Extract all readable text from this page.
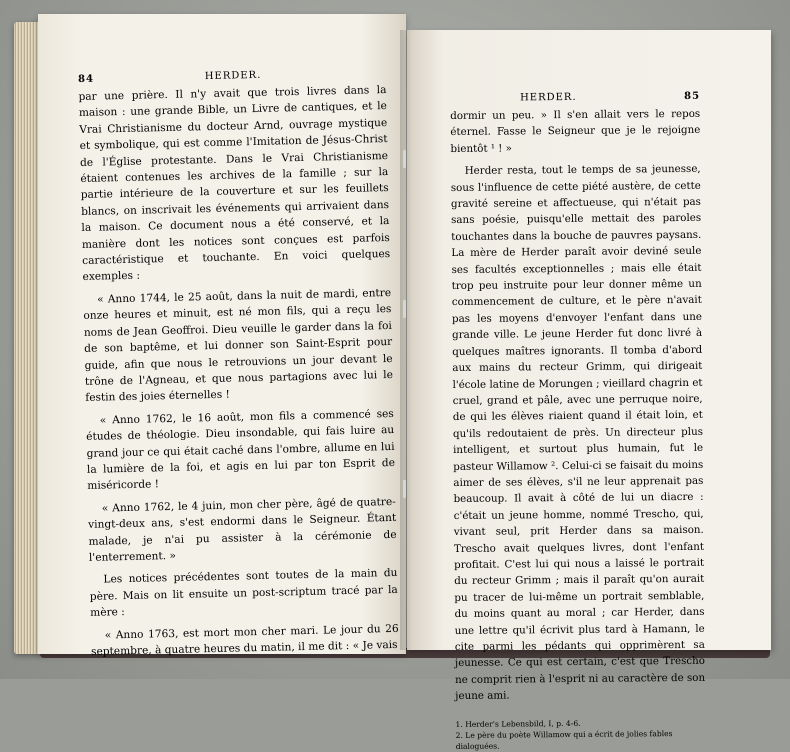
84	HERDER.

par une prière. Il n'y avait que trois livres dans la maison : une grande Bible, un Livre de cantiques, et le Vrai Christianisme du docteur Arnd, ouvrage mystique et symbolique, qui est comme l'Imitation de Jésus-Christ de l'Église protestante. Dans le Vrai Christianisme étaient contenues les archives de la famille ; sur la partie intérieure de la couverture et sur les feuillets blancs, on inscrivait les événements qui arrivaient dans la maison. Ce document nous a été conservé, et la manière dont les notices sont conçues est parfois caractéristique et touchante. En voici quelques exemples :

« Anno 1744, le 25 août, dans la nuit de mardi, entre onze heures et minuit, est né mon fils, qui a reçu les noms de Jean Geoffroi. Dieu veuille le garder dans la foi de son baptême, et lui donner son Saint-Esprit pour guide, afin que nous le retrouvions un jour devant le trône de l'Agneau, et que nous partagions avec lui le festin des joies éternelles !

« Anno 1762, le 16 août, mon fils a commencé ses études de théologie. Dieu insondable, qui fais luire au grand jour ce qui était caché dans l'ombre, allume en lui la lumière de la foi, et agis en lui par ton Esprit de miséricorde !

« Anno 1762, le 4 juin, mon cher père, âgé de quatre-vingt-deux ans, s'est endormi dans le Seigneur. Étant malade, je n'ai pu assister à la cérémonie de l'enterrement. »

Les notices précédentes sont toutes de la main du père. Mais on lit ensuite un post-scriptum tracé par la mère :

« Anno 1763, est mort mon cher mari. Le jour du 26 septembre, à quatre heures du matin, il me dit : « Je vais

HERDER.	85

dormir un peu. » Il s'en allait vers le repos éternel. Fasse le Seigneur que je le rejoigne bientôt ¹ ! »

Herder resta, tout le temps de sa jeunesse, sous l'influence de cette piété austère, de cette gravité sereine et affectueuse, qui n'était pas sans poésie, puisqu'elle mettait des paroles touchantes dans la bouche de pauvres paysans. La mère de Herder paraît avoir deviné seule ses facultés exceptionnelles ; mais elle était trop peu instruite pour leur donner même un commencement de culture, et le père n'avait pas les moyens d'envoyer l'enfant dans une grande ville. Le jeune Herder fut donc livré à quelques maîtres ignorants. Il tomba d'abord aux mains du recteur Grimm, qui dirigeait l'école latine de Morungen ; vieillard chagrin et cruel, grand et pâle, avec une perruque noire, de qui les élèves riaient quand il était loin, et qu'ils redoutaient de près. Un directeur plus intelligent, et surtout plus humain, fut le pasteur Willamow ². Celui-ci se faisait du moins aimer de ses élèves, s'il ne leur apprenait pas beaucoup. Il avait à côté de lui un diacre : c'était un jeune homme, nommé Trescho, qui, vivant seul, prit Herder dans sa maison. Trescho avait quelques livres, dont l'enfant profitait. C'est lui qui nous a laissé le portrait du recteur Grimm ; mais il paraît qu'on aurait pu tracer de lui-même un portrait semblable, du moins quant au moral ; car Herder, dans une lettre qu'il écrivit plus tard à Hamann, le cite parmi les pédants qui opprimèrent sa jeunesse. Ce qui est certain, c'est que Trescho ne comprit rien à l'esprit ni au caractère de son jeune ami.

1. Herder's Lebensbild, I, p. 4-6.
2. Le père du poète Willamow qui a écrit de jolies fables dialoguées.
